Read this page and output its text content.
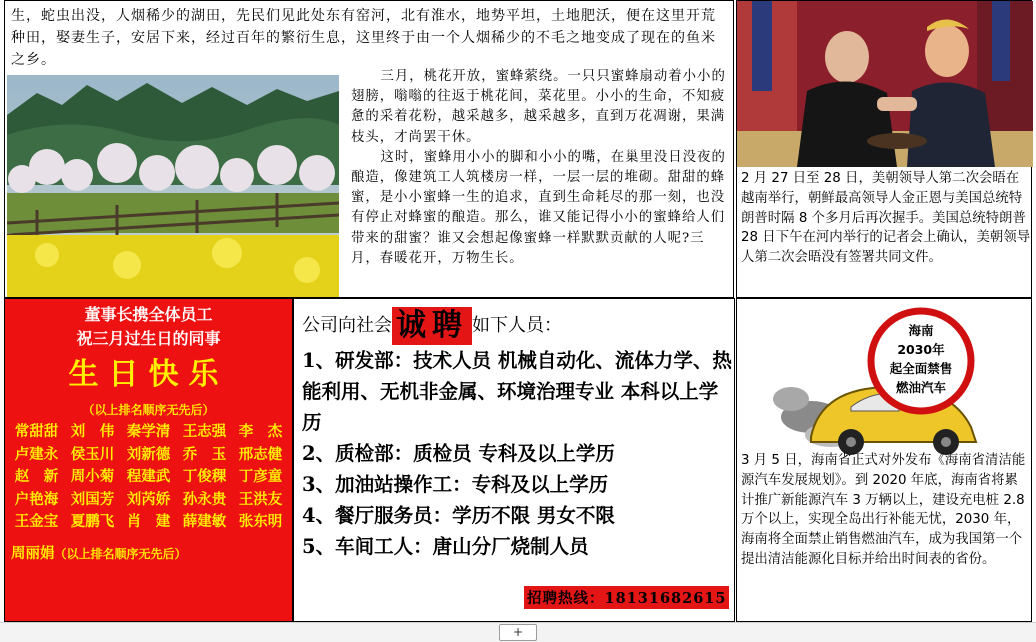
生，蛇虫出没，人烟稀少的湖田，先民们见此处东有窑河，北有淮水，地势平坦，土地肥沃，便在这里开荒种田，娶妻生子，安居下来，经过百年的繁衍生息，这里终于由一个人烟稀少的不毛之地变成了现在的鱼米之乡。

三月，桃花开放，蜜蜂萦绕。一只只蜜蜂扇动着小小的翅膀，嗡嗡的往返于桃花间，菜花里。小小的生命，不知疲惫的采着花粉，越采越多，越采越多，直到万花凋谢，果满枝头，才尚罢干休。

这时，蜜蜂用小小的脚和小小的嘴，在巢里没日没夜的酿造，像建筑工人筑楼房一样，一层一层的堆砌。甜甜的蜂蜜，是小小蜜蜂一生的追求，直到生命耗尽的那一刻，也没有停止对蜂蜜的酿造。那么，谁又能记得小小的蜜蜂给人们带来的甜蜜？谁又会想起像蜜蜂一样默默贡献的人呢?三月，春暖花开，万物生长。

2 月 27 日至 28 日，美朝领导人第二次会晤在越南举行，朝鲜最高领导人金正恩与美国总统特朗普时隔 8 个多月后再次握手。美国总统特朗普 28 日下午在河内举行的记者会上确认，美朝领导人第二次会晤没有签署共同文件。
董事长携全体员工
祝三月过生日的同事
生日快乐
（以上排名顺序无先后）
常甜甜 刘　伟 秦学清 王志强 李　杰
卢建永 侯玉川 刘新德 乔　玉 邢志健
赵　新 周小菊 程建武 丁俊稞 丁彦童
户艳海 刘国芳 刘芮娇 孙永贵 王洪友
王金宝 夏鹏飞 肖　建 薛建敏 张东明
周丽娟（以上排名顺序无先后）
公司向社会 诚聘 如下人员：
1、研发部：技术人员 机械自动化、流体力学、热能利用、无机非金属、环境治理专业 本科以上学历
2、质检部：质检员 专科及以上学历
3、加油站操作工：专科及以上学历
4、餐厅服务员：学历不限 男女不限
5、车间工人：唐山分厂烧制人员
招聘热线：18131682615
海南
2030年
起全面禁售
燃油汽车
3 月 5 日，海南省正式对外发布《海南省清洁能源汽车发展规划》。到 2020 年底，海南省将累计推广新能源汽车 3 万辆以上，建设充电桩 2.8 万个以上，实现全岛出行补能无忧，2030 年，海南将全面禁止销售燃油汽车，成为我国第一个提出清洁能源化目标并给出时间表的省份。
+
